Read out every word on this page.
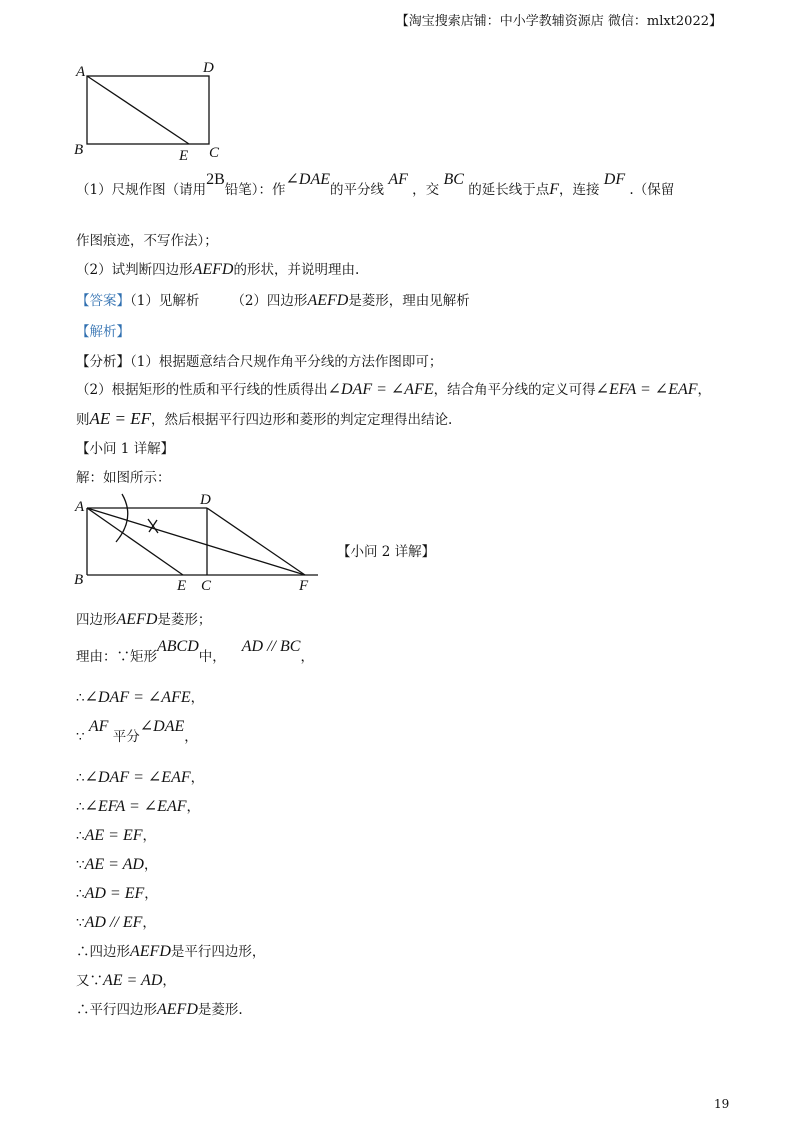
【淘宝搜索店铺：中小学教辅资源店 微信：mlxt2022】
A	D
B	E C
（1）尺规作图（请用2B铅笔）：作∠DAE的平分线 AF ，交 BC 的延长线于点F，连接 DF .（保留
作图痕迹，不写作法）；
（2）试判断四边形AEFD的形状，并说明理由.
【答案】（1）见解析 （2）四边形AEFD是菱形，理由见解析
【解析】
【分析】（1）根据题意结合尺规作角平分线的方法作图即可；
（2）根据矩形的性质和平行线的性质得出∠DAF = ∠AFE，结合角平分线的定义可得∠EFA = ∠EAF，
则AE = EF，然后根据平行四边形和菱形的判定定理得出结论.
【小问 1 详解】
解：如图所示：
A	D
B	E C	F
【小问 2 详解】
四边形AEFD是菱形；
理由：∵矩形ABCD中，AD // BC，
∴∠DAF = ∠AFE，
∵ AF 平分∠DAE，
∴∠DAF = ∠EAF，
∴∠EFA = ∠EAF，
∴AE = EF，
∵AE = AD，
∴AD = EF，
∵AD // EF，
∴四边形AEFD是平行四边形，
又∵AE = AD，
∴平行四边形AEFD是菱形.
19
